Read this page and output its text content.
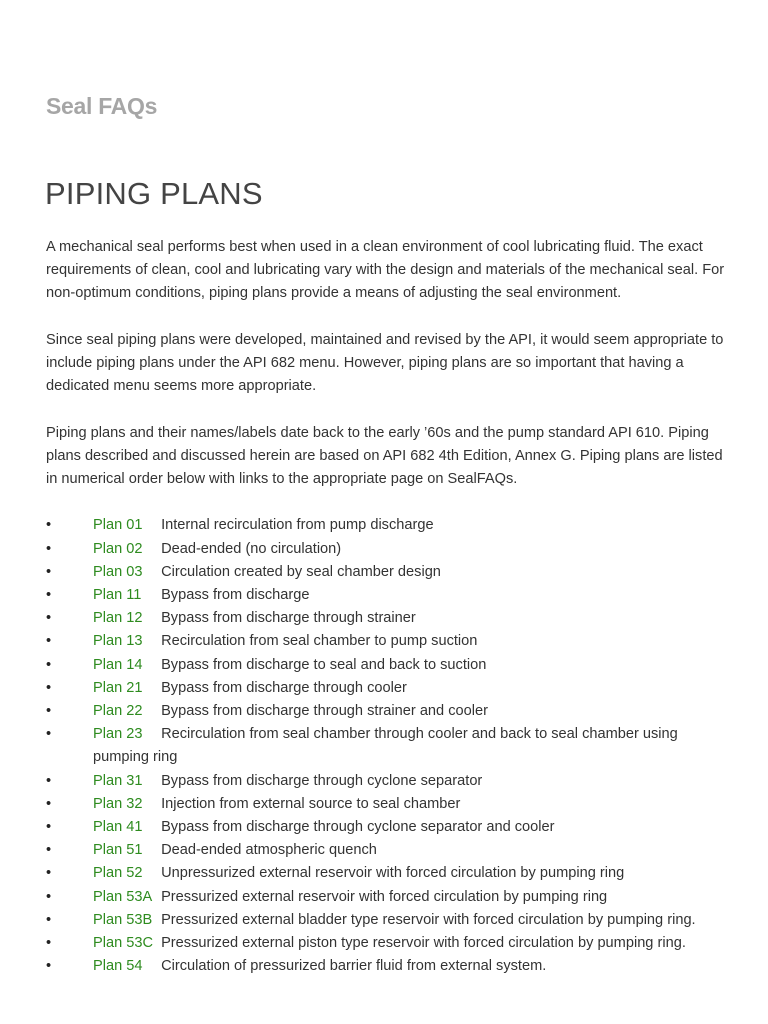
Seal FAQs
PIPING PLANS

A mechanical seal performs best when used in a clean environment of cool lubricating fluid. The exact requirements of clean, cool and lubricating vary with the design and materials of the mechanical seal. For non-optimum conditions, piping plans provide a means of adjusting the seal environment.

Since seal piping plans were developed, maintained and revised by the API, it would seem appropriate to include piping plans under the API 682 menu. However, piping plans are so important that having a dedicated menu seems more appropriate.

Piping plans and their names/labels date back to the early ’60s and the pump standard API 610. Piping plans described and discussed herein are based on API 682 4th Edition, Annex G. Piping plans are listed in numerical order below with links to the appropriate page on SealFAQs.

• Plan 01 Internal recirculation from pump discharge
• Plan 02 Dead-ended (no circulation)
• Plan 03 Circulation created by seal chamber design
• Plan 11 Bypass from discharge
• Plan 12 Bypass from discharge through strainer
• Plan 13 Recirculation from seal chamber to pump suction
• Plan 14 Bypass from discharge to seal and back to suction
• Plan 21 Bypass from discharge through cooler
• Plan 22 Bypass from discharge through strainer and cooler
• Plan 23 Recirculation from seal chamber through cooler and back to seal chamber using pumping ring
• Plan 31 Bypass from discharge through cyclone separator
• Plan 32 Injection from external source to seal chamber
• Plan 41 Bypass from discharge through cyclone separator and cooler
• Plan 51 Dead-ended atmospheric quench
• Plan 52 Unpressurized external reservoir with forced circulation by pumping ring
• Plan 53A Pressurized external reservoir with forced circulation by pumping ring
• Plan 53B Pressurized external bladder type reservoir with forced circulation by pumping ring.
• Plan 53C Pressurized external piston type reservoir with forced circulation by pumping ring.
• Plan 54 Circulation of pressurized barrier fluid from external system.
